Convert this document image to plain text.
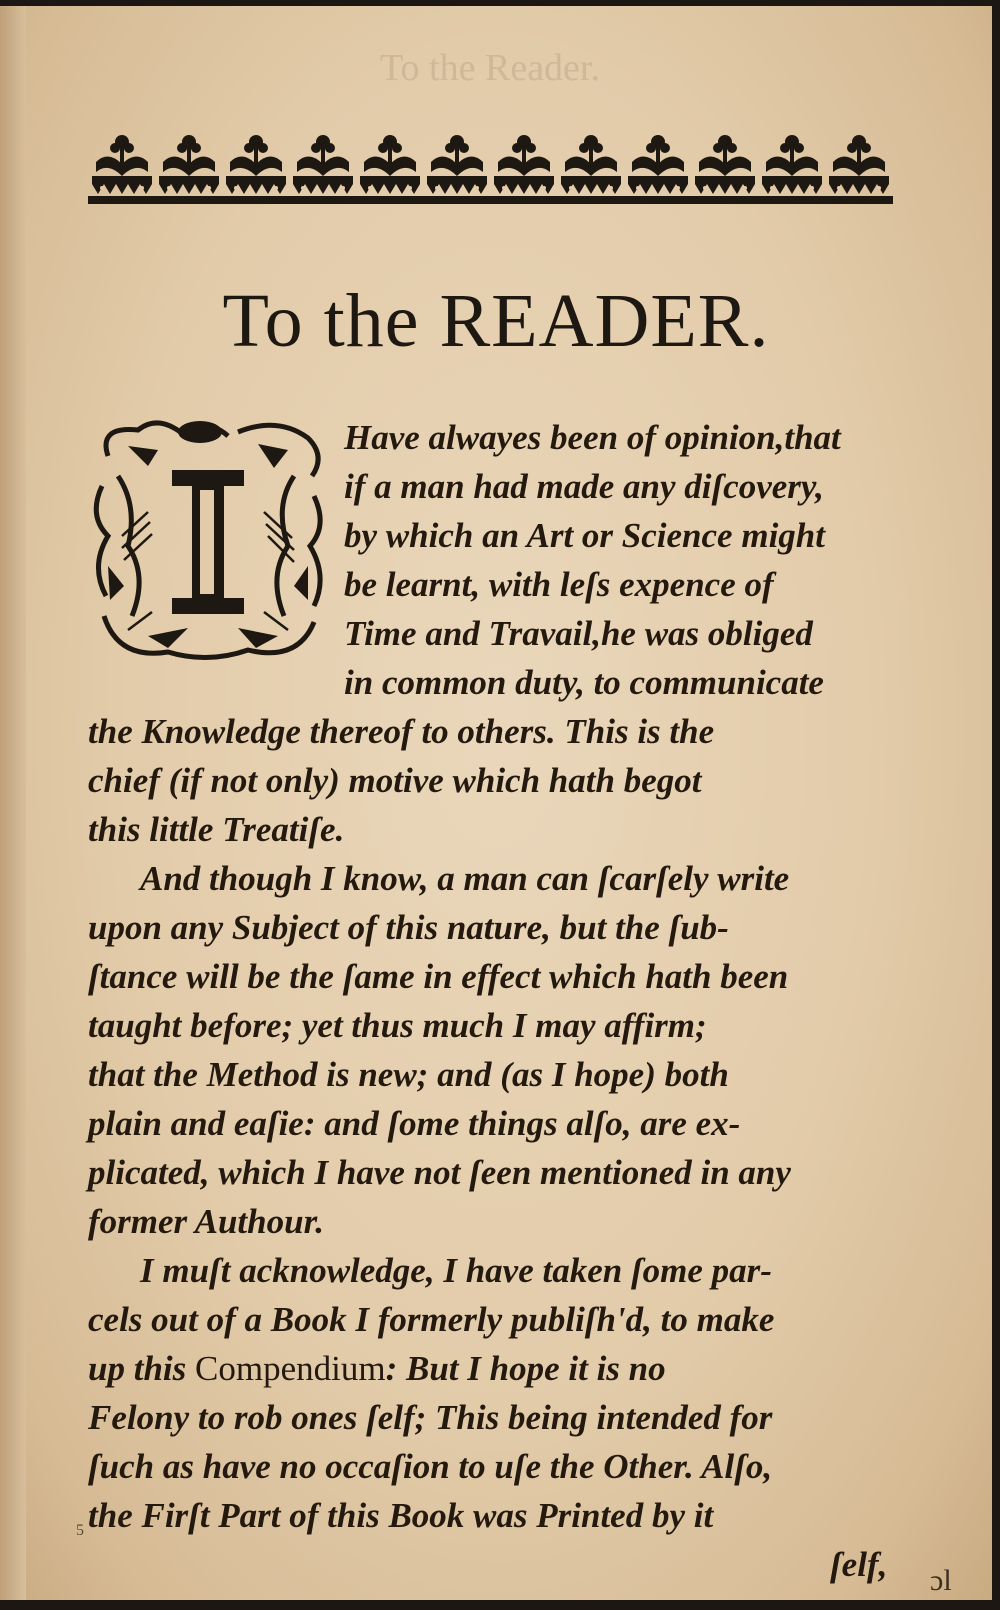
To the Reader.
To the READER.
Have alwayes been of opinion,that
if a man had made any diſcovery,
by which an Art or Science might
be learnt, with leſs expence of
Time and Travail,he was obliged
in common duty, to communicate
the Knowledge thereof to others. This is the
chief (if not only) motive which hath begot
this little Treatiſe.
And though I know, a man can ſcarſely write
upon any Subject of this nature, but the ſub-
ſtance will be the ſame in effect which hath been
taught before; yet thus much I may affirm;
that the Method is new; and (as I hope) both
plain and eaſie: and ſome things alſo, are ex-
plicated, which I have not ſeen mentioned in any
former Authour.
I muſt acknowledge, I have taken ſome par-
cels out of a Book I formerly publiſh'd, to make
up this Compendium: But I hope it is no
Felony to rob ones ſelf; This being intended for
ſuch as have no occaſion to uſe the Other. Alſo,
the Firſt Part of this Book was Printed by it
ſelf,
5
ɔl
